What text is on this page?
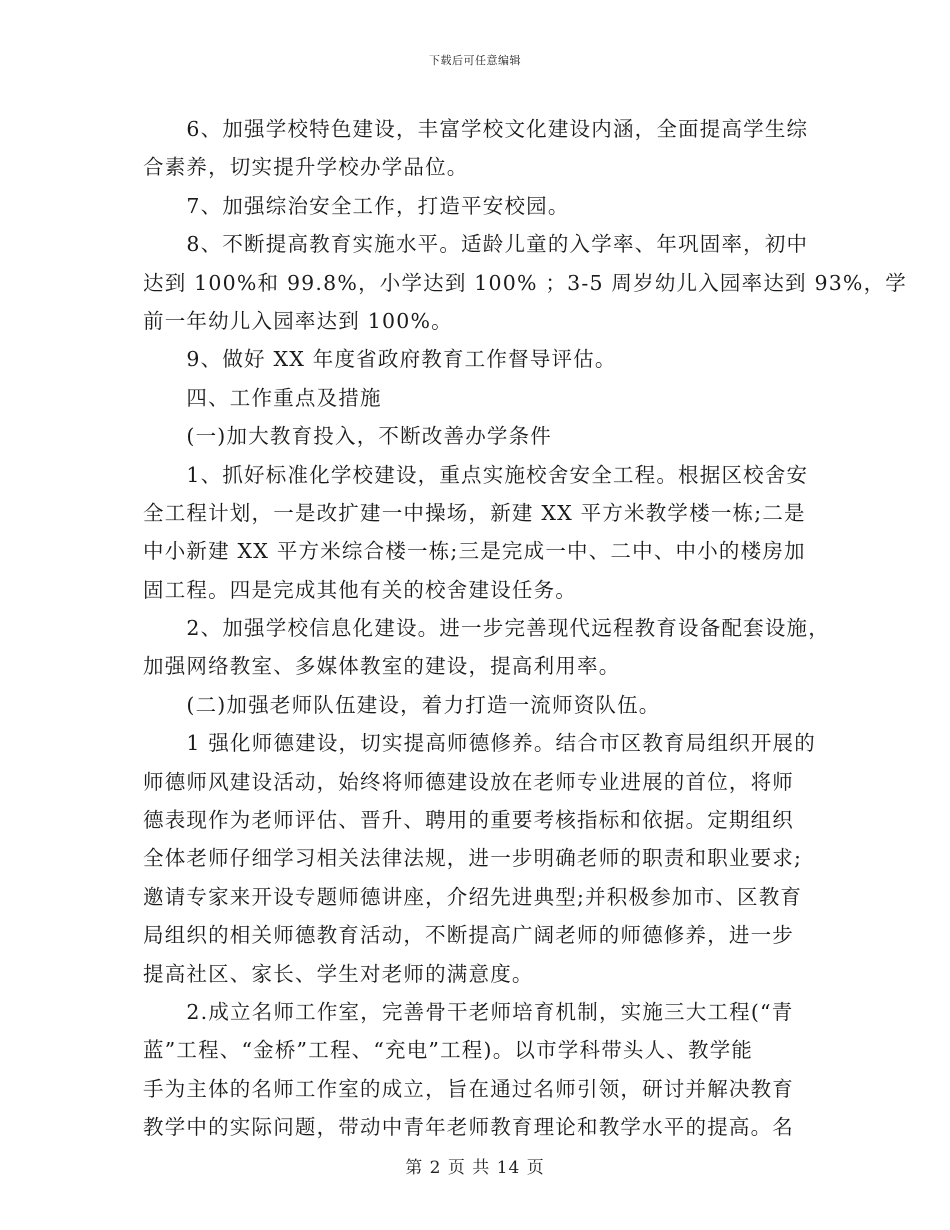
下载后可任意编辑
　　6、加强学校特色建设，丰富学校文化建设内涵，全面提高学生综
合素养，切实提升学校办学品位。
　　7、加强综治安全工作，打造平安校园。
　　8、不断提高教育实施水平。适龄儿童的入学率、年巩固率，初中
达到 100%和 99.8%，小学达到 100% ；3-5 周岁幼儿入园率达到 93%，学
前一年幼儿入园率达到 100%。
　　9、做好 XX 年度省政府教育工作督导评估。
　　四、工作重点及措施
　　(一)加大教育投入，不断改善办学条件
　　1、抓好标准化学校建设，重点实施校舍安全工程。根据区校舍安
全工程计划，一是改扩建一中操场，新建 XX 平方米教学楼一栋;二是
中小新建 XX 平方米综合楼一栋;三是完成一中、二中、中小的楼房加
固工程。四是完成其他有关的校舍建设任务。
　　2、加强学校信息化建设。进一步完善现代远程教育设备配套设施，
加强网络教室、多媒体教室的建设，提高利用率。
　　(二)加强老师队伍建设，着力打造一流师资队伍。
　　1 强化师德建设，切实提高师德修养。结合市区教育局组织开展的
师德师风建设活动，始终将师德建设放在老师专业进展的首位，将师
德表现作为老师评估、晋升、聘用的重要考核指标和依据。定期组织
全体老师仔细学习相关法律法规，进一步明确老师的职责和职业要求;
邀请专家来开设专题师德讲座，介绍先进典型;并积极参加市、区教育
局组织的相关师德教育活动，不断提高广阔老师的师德修养，进一步
提高社区、家长、学生对老师的满意度。
　　2.成立名师工作室，完善骨干老师培育机制，实施三大工程(“青
蓝”工程、“金桥”工程、“充电”工程)。以市学科带头人、教学能
手为主体的名师工作室的成立，旨在通过名师引领，研讨并解决教育
教学中的实际问题，带动中青年老师教育理论和教学水平的提高。名
第 2 页 共 14 页
